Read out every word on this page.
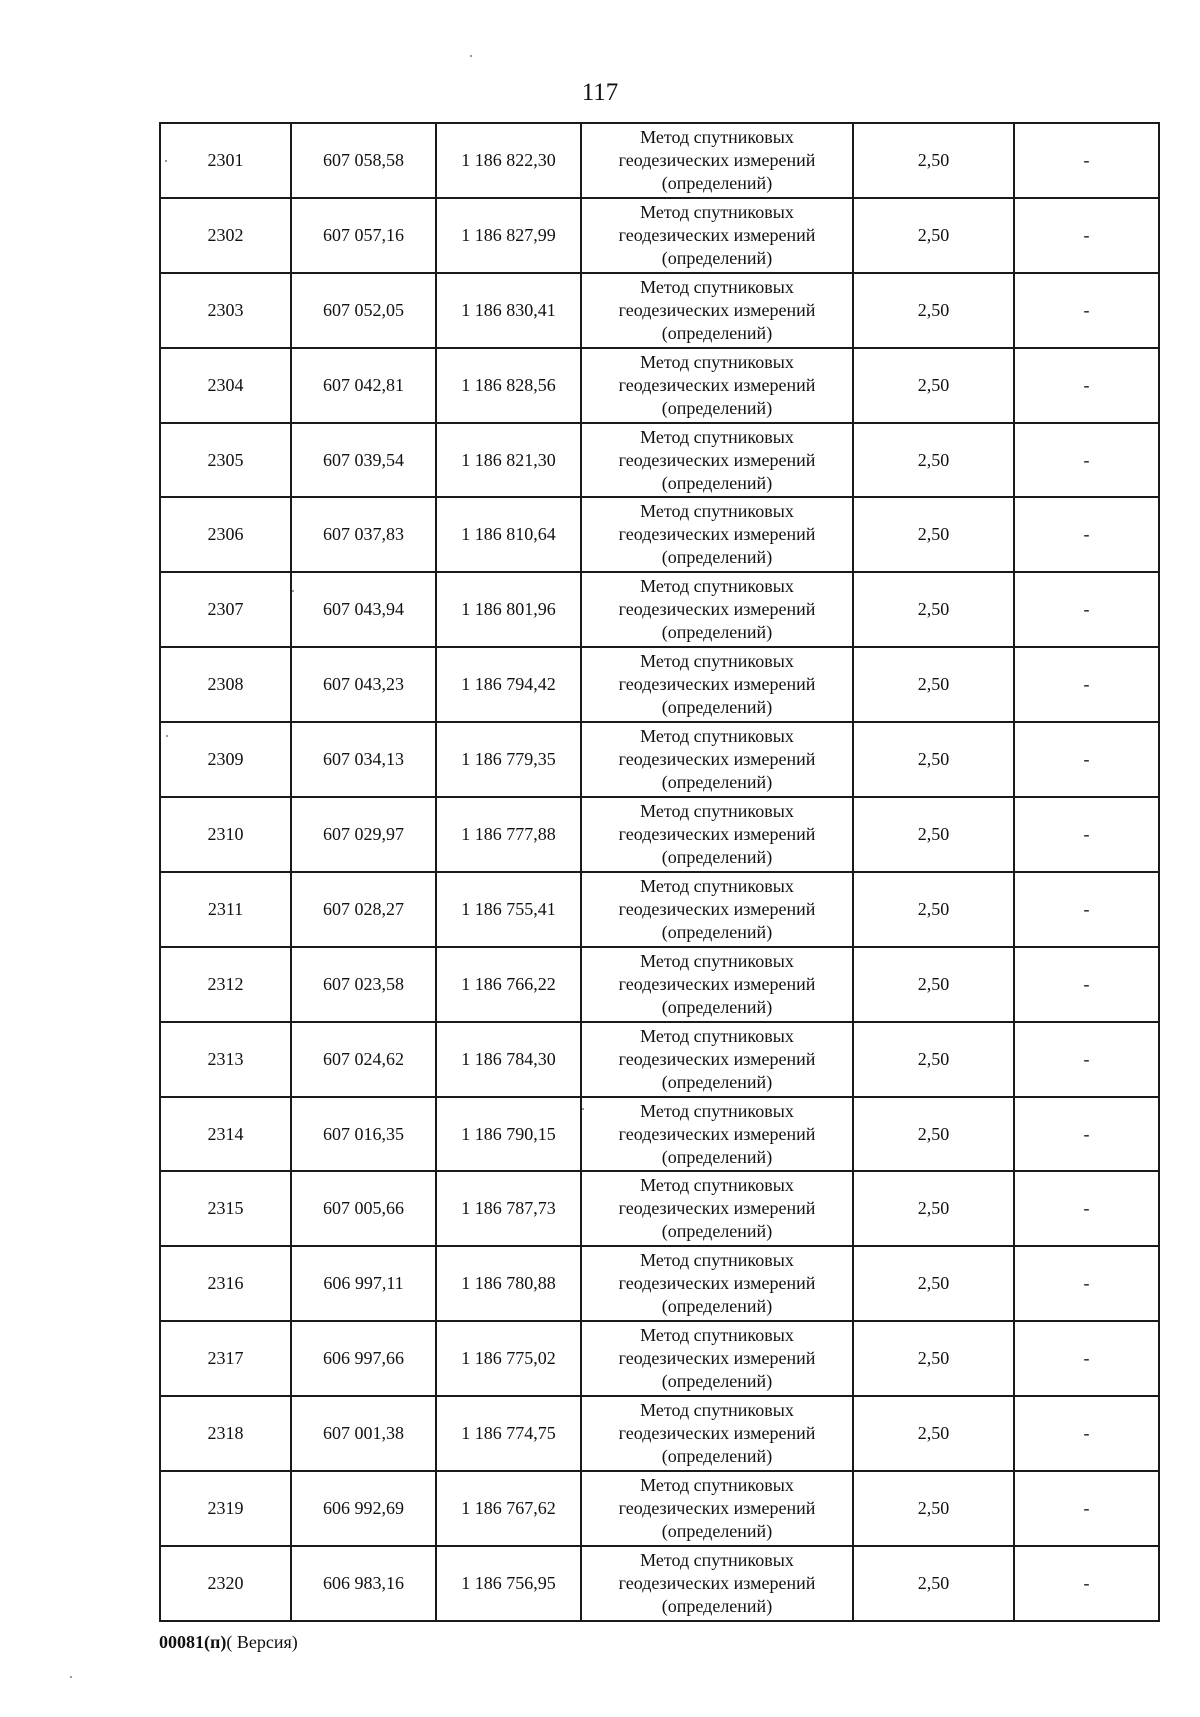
117
2301	607 058,58	1 186 822,30	Метод спутниковых
геодезических измерений
(определений)	2,50	-
2302	607 057,16	1 186 827,99	Метод спутниковых
геодезических измерений
(определений)	2,50	-
2303	607 052,05	1 186 830,41	Метод спутниковых
геодезических измерений
(определений)	2,50	-
2304	607 042,81	1 186 828,56	Метод спутниковых
геодезических измерений
(определений)	2,50	-
2305	607 039,54	1 186 821,30	Метод спутниковых
геодезических измерений
(определений)	2,50	-
2306	607 037,83	1 186 810,64	Метод спутниковых
геодезических измерений
(определений)	2,50	-
2307	607 043,94	1 186 801,96	Метод спутниковых
геодезических измерений
(определений)	2,50	-
2308	607 043,23	1 186 794,42	Метод спутниковых
геодезических измерений
(определений)	2,50	-
2309	607 034,13	1 186 779,35	Метод спутниковых
геодезических измерений
(определений)	2,50	-
2310	607 029,97	1 186 777,88	Метод спутниковых
геодезических измерений
(определений)	2,50	-
2311	607 028,27	1 186 755,41	Метод спутниковых
геодезических измерений
(определений)	2,50	-
2312	607 023,58	1 186 766,22	Метод спутниковых
геодезических измерений
(определений)	2,50	-
2313	607 024,62	1 186 784,30	Метод спутниковых
геодезических измерений
(определений)	2,50	-
2314	607 016,35	1 186 790,15	Метод спутниковых
геодезических измерений
(определений)	2,50	-
2315	607 005,66	1 186 787,73	Метод спутниковых
геодезических измерений
(определений)	2,50	-
2316	606 997,11	1 186 780,88	Метод спутниковых
геодезических измерений
(определений)	2,50	-
2317	606 997,66	1 186 775,02	Метод спутниковых
геодезических измерений
(определений)	2,50	-
2318	607 001,38	1 186 774,75	Метод спутниковых
геодезических измерений
(определений)	2,50	-
2319	606 992,69	1 186 767,62	Метод спутниковых
геодезических измерений
(определений)	2,50	-
2320	606 983,16	1 186 756,95	Метод спутниковых
геодезических измерений
(определений)	2,50	-
00081(п)( Версия)
